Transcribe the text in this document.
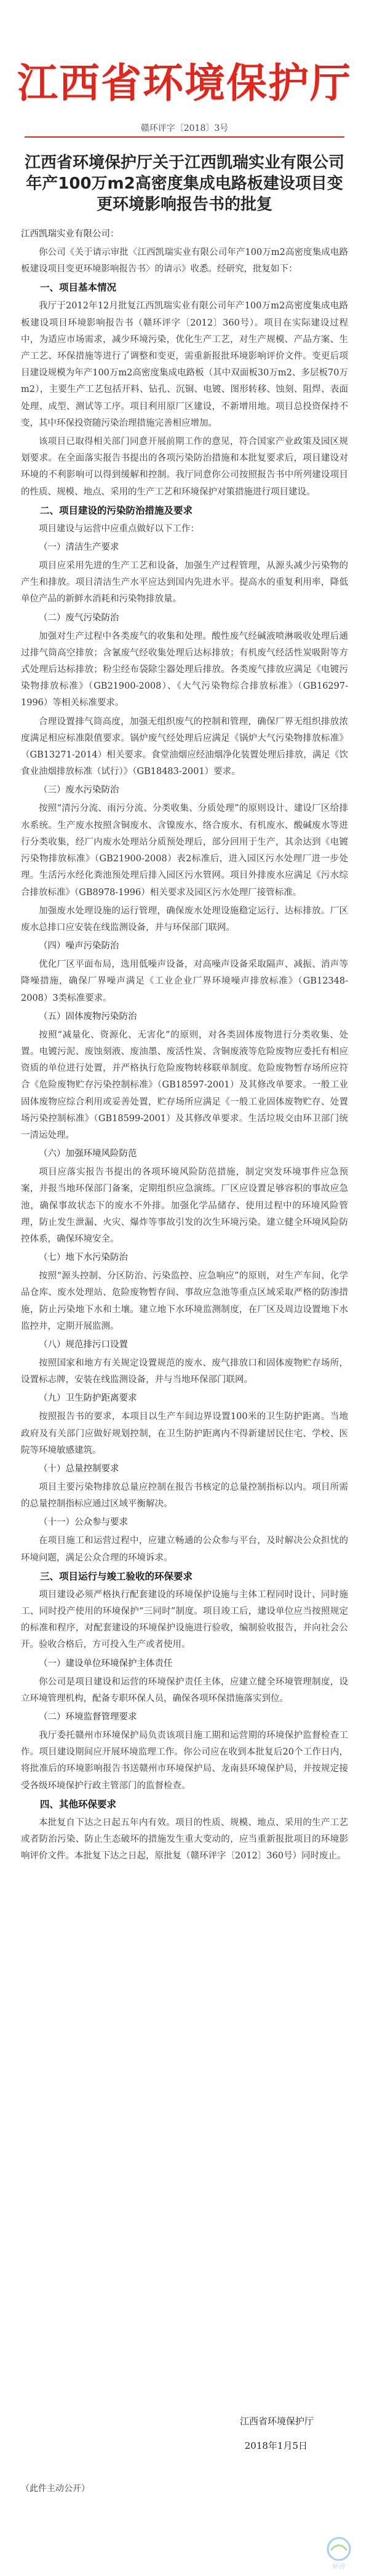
江西省环境保护厅
赣环评字〔2018〕3号
江西省环境保护厅关于江西凯瑞实业有限公司年产100万m2高密度集成电路板建设项目变更环境影响报告书的批复
江西凯瑞实业有限公司：
你公司《关于请示审批〈江西凯瑞实业有限公司年产100万m2高密度集成电路板建设项目变更环境影响报告书〉的请示》收悉。经研究，批复如下：
一、项目基本情况
我厅于2012年12月批复江西凯瑞实业有限公司年产100万m2高密度集成电路板建设项目环境影响报告书（赣环评字〔2012〕360号）。项目在实际建设过程中，为适应市场需求，减少环境污染，优化生产工艺，对生产规模、产品方案、生产工艺、环保措施等进行了调整和变更，需重新报批环境影响评价文件。变更后项目建设规模为年产100万m2高密度集成电路板（其中双面板30万m2、多层板70万m2），主要生产工艺包括开料、钻孔、沉铜、电镀、图形转移、蚀刻、阻焊、表面处理、成型、测试等工序。项目利用原厂区建设，不新增用地。项目总投资保持不变，其中环保投资随污染治理措施完善相应增加。
该项目已取得相关部门同意开展前期工作的意见，符合国家产业政策及园区规划要求。在全面落实报告书提出的各项污染防治措施和本批复要求后，项目建设对环境的不利影响可以得到缓解和控制。我厅同意你公司按照报告书中所列建设项目的性质、规模、地点、采用的生产工艺和环境保护对策措施进行项目建设。
二、项目建设的污染防治措施及要求
项目建设与运营中应重点做好以下工作：
（一）清洁生产要求
项目应采用先进的生产工艺和设备，加强生产过程管理，从源头减少污染物的产生和排放。项目清洁生产水平应达到国内先进水平。提高水的重复利用率，降低单位产品的新鲜水消耗和污染物排放量。
（二）废气污染防治
加强对生产过程中各类废气的收集和处理。酸性废气经碱液喷淋吸收处理后通过排气筒高空排放；含氰废气经收集处理后达标排放；有机废气经活性炭吸附等方式处理后达标排放；粉尘经布袋除尘器处理后排放。各类废气排放应满足《电镀污染物排放标准》（GB21900-2008）、《大气污染物综合排放标准》（GB16297-1996）等相关标准要求。
合理设置排气筒高度，加强无组织废气的控制和管理，确保厂界无组织排放浓度满足相应标准限值要求。锅炉废气经处理后应满足《锅炉大气污染物排放标准》（GB13271-2014）相关要求。食堂油烟应经油烟净化装置处理后排放，满足《饮食业油烟排放标准（试行）》（GB18483-2001）要求。
（三）废水污染防治
按照“清污分流、雨污分流、分类收集、分质处理”的原则设计、建设厂区给排水系统。生产废水按照含铜废水、含镍废水、络合废水、有机废水、酸碱废水等进行分类收集，经厂内废水处理站分质预处理后，部分回用于生产，其余达到《电镀污染物排放标准》（GB21900-2008）表2标准后，进入园区污水处理厂进一步处理。生活污水经化粪池预处理后排入园区污水管网。项目外排废水应满足《污水综合排放标准》（GB8978-1996）相关要求及园区污水处理厂接管标准。
加强废水处理设施的运行管理，确保废水处理设施稳定运行、达标排放。厂区废水总排口应安装在线监测设备，并与环保部门联网。
（四）噪声污染防治
优化厂区平面布局，选用低噪声设备，对高噪声设备采取隔声、减振、消声等降噪措施，确保厂界噪声满足《工业企业厂界环境噪声排放标准》（GB12348-2008）3类标准要求。
（五）固体废物污染防治
按照“减量化、资源化、无害化”的原则，对各类固体废物进行分类收集、处置。电镀污泥、废蚀刻液、废油墨、废活性炭、含铜废液等危险废物应委托有相应资质的单位进行处置，并严格执行危险废物转移联单制度。危险废物暂存场所应符合《危险废物贮存污染控制标准》（GB18597-2001）及其修改单要求。一般工业固体废物应综合利用或妥善处置，贮存场所应满足《一般工业固体废物贮存、处置场污染控制标准》（GB18599-2001）及其修改单要求。生活垃圾交由环卫部门统一清运处理。
（六）加强环境风险防范
项目应落实报告书提出的各项环境风险防范措施，制定突发环境事件应急预案，并报当地环保部门备案，定期组织应急演练。厂区应设置足够容积的事故应急池，确保事故状态下的废水不外排。加强化学品储存、使用过程中的环境风险管理，防止发生泄漏、火灾、爆炸等事故引发的次生环境污染。建立健全环境风险防控体系，确保环境安全。
（七）地下水污染防治
按照“源头控制、分区防治、污染监控、应急响应”的原则，对生产车间、化学品仓库、废水处理站、危险废物暂存间、事故应急池等重点区域采取严格的防渗措施，防止污染地下水和土壤。建立地下水环境监测制度，在厂区及周边设置地下水监控井，定期开展监测。
（八）规范排污口设置
按照国家和地方有关规定设置规范的废水、废气排放口和固体废物贮存场所，设置标志牌，安装在线监测设备，并与当地环保部门联网。
（九）卫生防护距离要求
按照报告书的要求，本项目以生产车间边界设置100米的卫生防护距离。当地政府及有关部门应做好规划控制，在卫生防护距离内不得新建居民住宅、学校、医院等环境敏感建筑。
（十）总量控制要求
项目主要污染物排放总量应控制在报告书核定的总量控制指标以内。项目所需的总量控制指标应通过区域平衡解决。
（十一）公众参与要求
在项目施工和运营过程中，应建立畅通的公众参与平台，及时解决公众担忧的环境问题，满足公众合理的环境诉求。
三、项目运行与竣工验收的环保要求
项目建设必须严格执行配套建设的环境保护设施与主体工程同时设计、同时施工、同时投产使用的环境保护“三同时”制度。项目竣工后，建设单位应当按照规定的标准和程序，对配套建设的环境保护设施进行验收，编制验收报告，并向社会公开。验收合格后，方可投入生产或者使用。
（一）建设单位环境保护主体责任
你公司是项目建设和运营的环境保护责任主体，应建立健全环境管理制度，设立环境管理机构，配备专职环保人员，确保各项环保措施落实到位。
（二）环境监督管理要求
我厅委托赣州市环境保护局负责该项目施工期和运营期的环境保护监督检查工作。项目建设期间应开展环境监理工作。你公司应在收到本批复后20个工作日内，将批准后的环境影响报告书送赣州市环境保护局、龙南县环境保护局，并按规定接受各级环境保护行政主管部门的监督检查。
四、其他环保要求
本批复自下达之日起五年内有效。项目的性质、规模、地点、采用的生产工艺或者防治污染、防止生态破坏的措施发生重大变动的，应当重新报批项目的环境影响评价文件。本批复下达之日起，原批复（赣环评字〔2012〕360号）同时废止。
江西省环境保护厅
2018年1月5日
（此件主动公开）
环评
